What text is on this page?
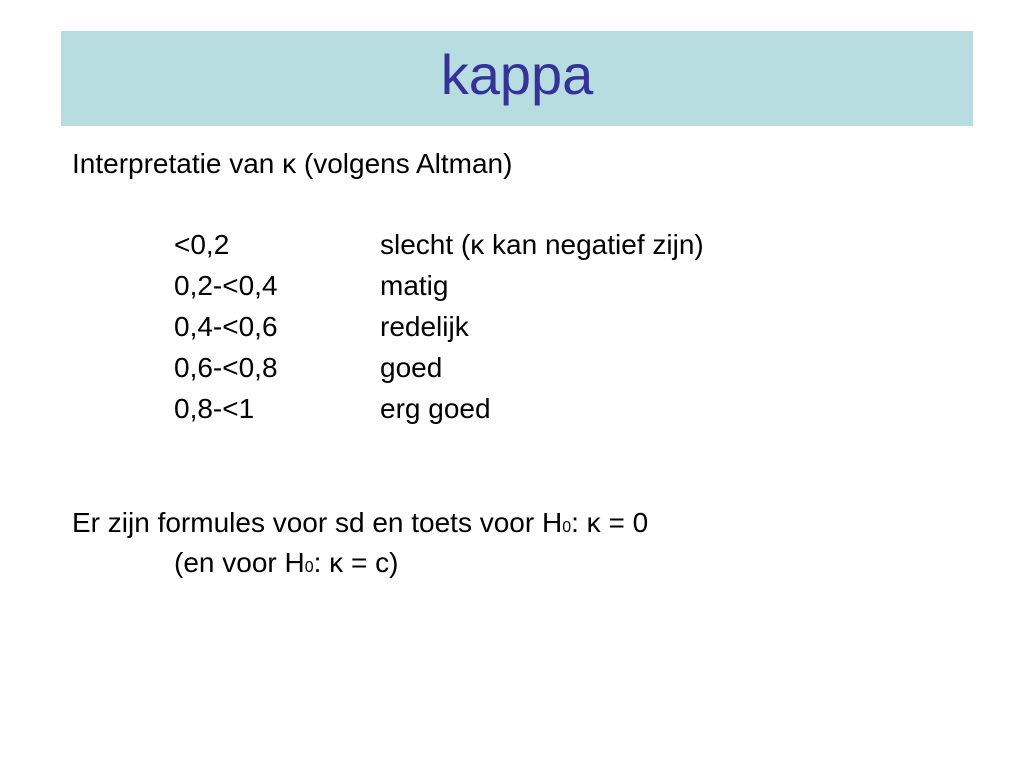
kappa
Interpretatie van κ (volgens Altman)
<0,2	slecht (κ kan negatief zijn)
0,2-<0,4	matig
0,4-<0,6	redelijk
0,6-<0,8	goed
0,8-<1	erg goed
Er zijn formules voor sd en toets voor H0: κ = 0
(en voor H0: κ = c)
